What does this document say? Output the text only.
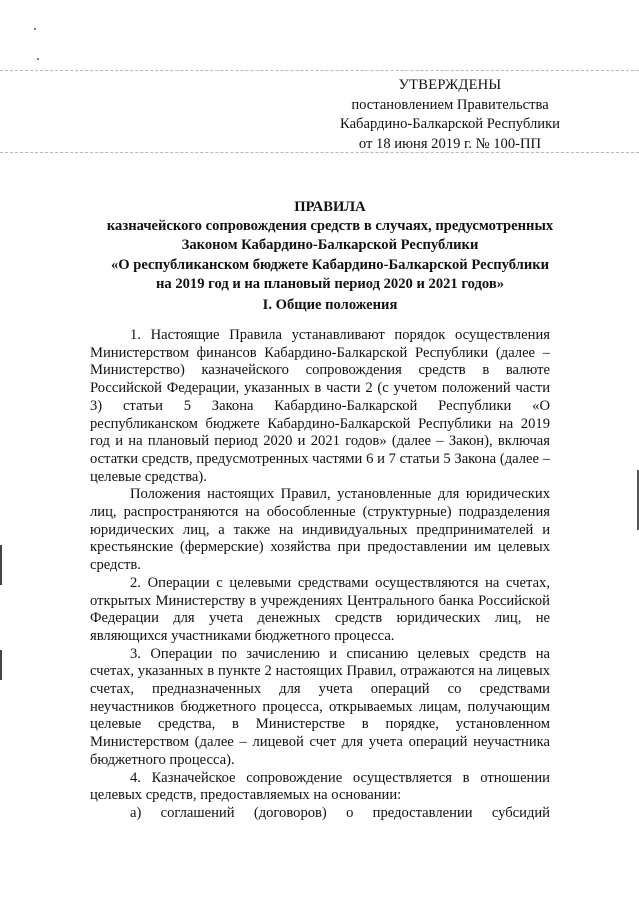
УТВЕРЖДЕНЫ
постановлением Правительства
Кабардино-Балкарской Республики
от 18 июня 2019 г. № 100-ПП
ПРАВИЛА
казначейского сопровождения средств в случаях, предусмотренных
Законом Кабардино-Балкарской Республики
«О республиканском бюджете Кабардино-Балкарской Республики
на 2019 год и на плановый период 2020 и 2021 годов»
I. Общие положения

1. Настоящие Правила устанавливают порядок осуществления Министерством финансов Кабардино-Балкарской Республики (далее – Министерство) казначейского сопровождения средств в валюте Российской Федерации, указанных в части 2 (с учетом положений части 3) статьи 5 Закона Кабардино-Балкарской Республики «О республиканском бюджете Кабардино-Балкарской Республики на 2019 год и на плановый период 2020 и 2021 годов» (далее – Закон), включая остатки средств, предусмотренных частями 6 и 7 статьи 5 Закона (далее – целевые средства).

Положения настоящих Правил, установленные для юридических лиц, распространяются на обособленные (структурные) подразделения юридических лиц, а также на индивидуальных предпринимателей и крестьянские (фермерские) хозяйства при предоставлении им целевых средств.

2. Операции с целевыми средствами осуществляются на счетах, открытых Министерству в учреждениях Центрального банка Российской Федерации для учета денежных средств юридических лиц, не являющихся участниками бюджетного процесса.

3. Операции по зачислению и списанию целевых средств на счетах, указанных в пункте 2 настоящих Правил, отражаются на лицевых счетах, предназначенных для учета операций со средствами неучастников бюджетного процесса, открываемых лицам, получающим целевые средства, в Министерстве в порядке, установленном Министерством (далее – лицевой счет для учета операций неучастника бюджетного процесса).

4. Казначейское сопровождение осуществляется в отношении целевых средств, предоставляемых на основании:

а) соглашений (договоров) о предоставлении субсидий
